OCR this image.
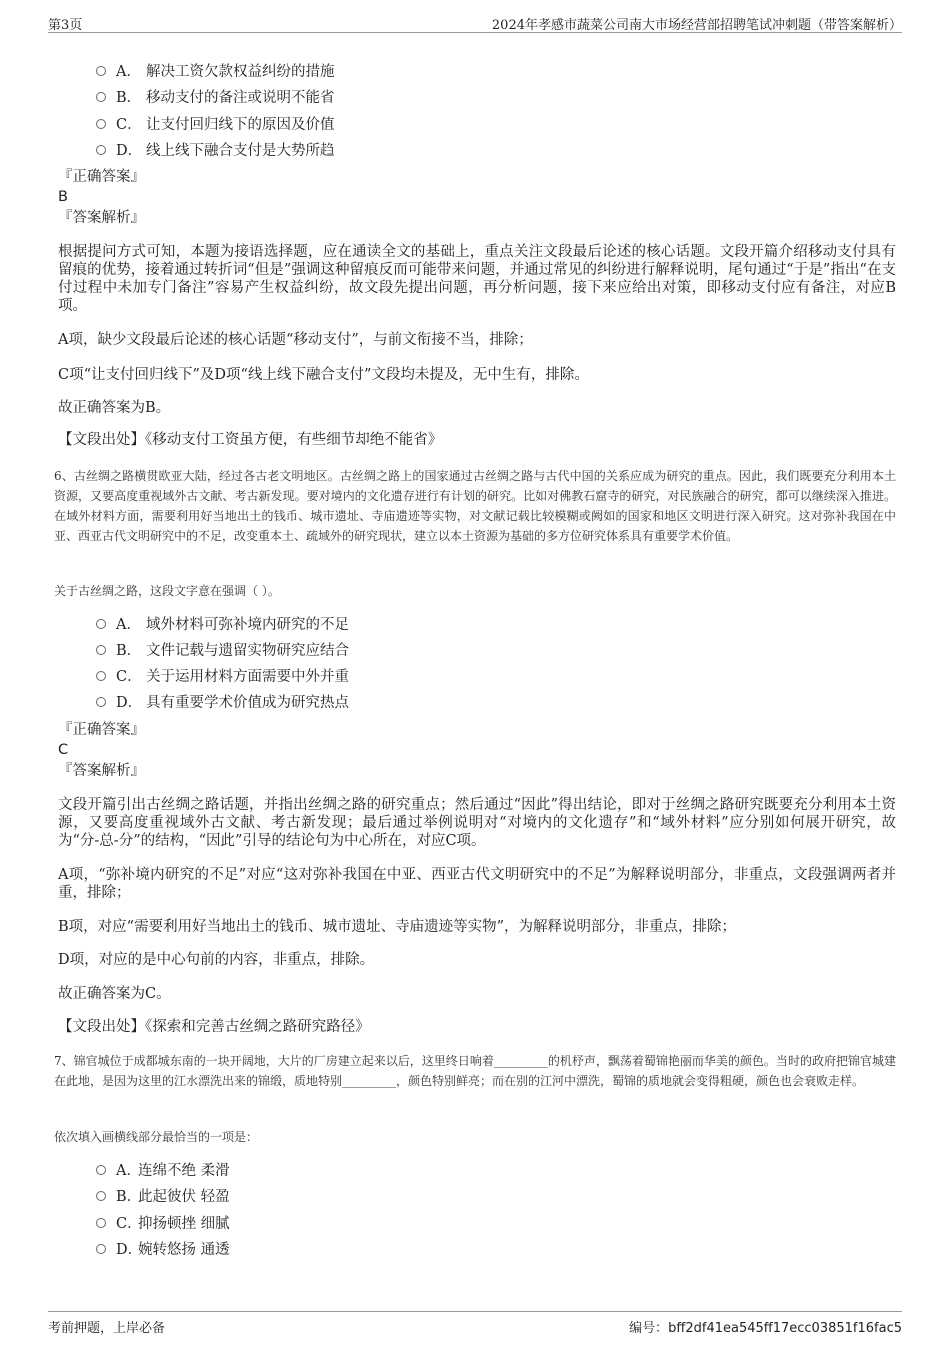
第3页	2024年孝感市蔬菜公司南大市场经营部招聘笔试冲刺题（带答案解析）
A． 解决工资欠款权益纠纷的措施
B． 移动支付的备注或说明不能省
C． 让支付回归线下的原因及价值
D． 线上线下融合支付是大势所趋
『正确答案』
B
『答案解析』
根据提问方式可知，本题为接语选择题，应在通读全文的基础上，重点关注文段最后论述的核心话题。文段开篇介绍移动支付具有留痕的优势，接着通过转折词“但是”强调这种留痕反而可能带来问题，并通过常见的纠纷进行解释说明，尾句通过“于是”指出“在支付过程中未加专门备注”容易产生权益纠纷，故文段先提出问题，再分析问题，接下来应给出对策，即移动支付应有备注，对应B项。
A项，缺少文段最后论述的核心话题“移动支付”，与前文衔接不当，排除；
C项“让支付回归线下”及D项“线上线下融合支付”文段均未提及，无中生有，排除。
故正确答案为B。
【文段出处】《移动支付工资虽方便，有些细节却绝不能省》
6、古丝绸之路横贯欧亚大陆，经过各古老文明地区。古丝绸之路上的国家通过古丝绸之路与古代中国的关系应成为研究的重点。因此，我们既要充分利用本土资源，又要高度重视域外古文献、考古新发现。要对境内的文化遗存进行有计划的研究。比如对佛教石窟寺的研究，对民族融合的研究，都可以继续深入推进。在域外材料方面，需要利用好当地出土的钱币、城市遗址、寺庙遗迹等实物，对文献记载比较模糊或阙如的国家和地区文明进行深入研究。这对弥补我国在中亚、西亚古代文明研究中的不足，改变重本土、疏域外的研究现状，建立以本土资源为基础的多方位研究体系具有重要学术价值。
关于古丝绸之路，这段文字意在强调（ ）。
A． 域外材料可弥补境内研究的不足
B． 文件记载与遗留实物研究应结合
C． 关于运用材料方面需要中外并重
D． 具有重要学术价值成为研究热点
『正确答案』
C
『答案解析』
文段开篇引出古丝绸之路话题，并指出丝绸之路的研究重点；然后通过“因此”得出结论，即对于丝绸之路研究既要充分利用本土资源，又要高度重视域外古文献、考古新发现；最后通过举例说明对“对境内的文化遗存”和“域外材料”应分别如何展开研究，故为“分-总-分”的结构，“因此”引导的结论句为中心所在，对应C项。
A项，“弥补境内研究的不足”对应“这对弥补我国在中亚、西亚古代文明研究中的不足”为解释说明部分，非重点，文段强调两者并重，排除；
B项，对应“需要利用好当地出土的钱币、城市遗址、寺庙遗迹等实物”，为解释说明部分，非重点，排除；
D项，对应的是中心句前的内容，非重点，排除。
故正确答案为C。
【文段出处】《探索和完善古丝绸之路研究路径》
7、锦官城位于成都城东南的一块开阔地，大片的厂房建立起来以后，这里终日响着_________的机杼声，飘荡着蜀锦艳丽而华美的颜色。当时的政府把锦官城建在此地，是因为这里的江水漂洗出来的锦缎，质地特别_________，颜色特别鲜亮；而在别的江河中漂洗，蜀锦的质地就会变得粗硬，颜色也会衰败走样。
依次填入画横线部分最恰当的一项是：
A．连绵不绝 柔滑
B．此起彼伏 轻盈
C．抑扬顿挫 细腻
D．婉转悠扬 通透
考前押题，上岸必备	编号：bff2df41ea545ff17ecc03851f16fac5
